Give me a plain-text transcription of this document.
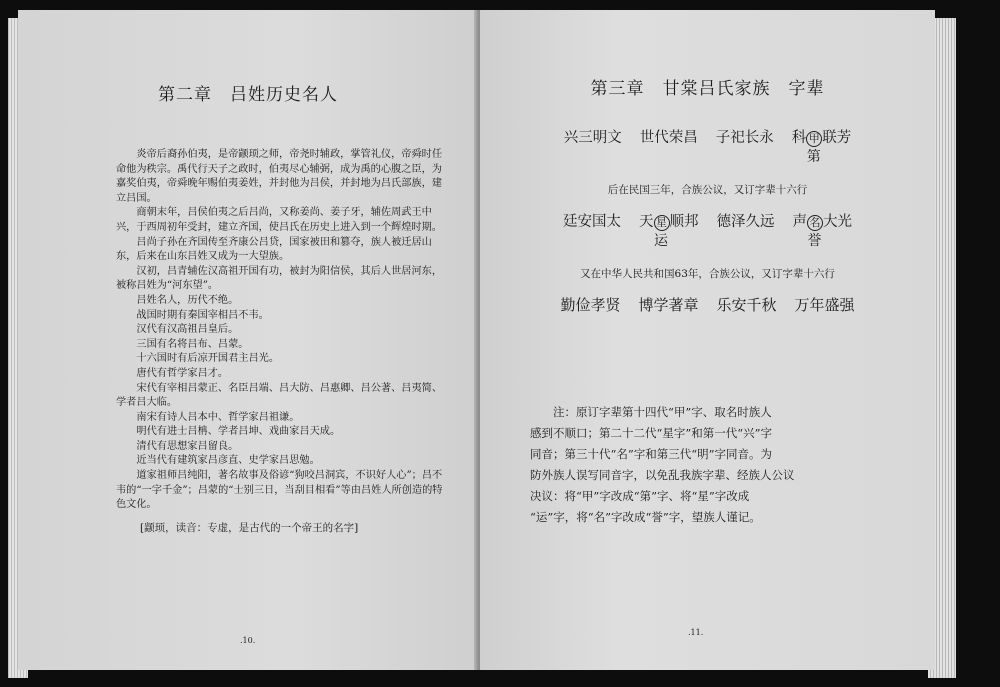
第二章　吕姓历史名人

炎帝后裔孙伯夷，是帝颛顼之师，帝尧时辅政，掌管礼仪，帝舜时任命他为秩宗。禹代行天子之政时，伯夷尽心辅弼，成为禹的心腹之臣，为嘉奖伯夷，帝舜晚年赐伯夷姜姓，并封他为吕侯，并封地为吕氏部族，建立吕国。

商朝末年，吕侯伯夷之后吕尚，又称姜尚、姜子牙，辅佐周武王中兴，于西周初年受封，建立齐国，使吕氏在历史上进入到一个辉煌时期。

吕尚子孙在齐国传至齐康公吕贷，国家被田和篡夺，族人被迁居山东，后来在山东吕姓又成为一大望族。

汉初，吕青辅佐汉高祖开国有功，被封为阳信侯，其后人世居河东，被称吕姓为“河东望”。

吕姓名人，历代不绝。

战国时期有秦国宰相吕不韦。

汉代有汉高祖吕皇后。

三国有名将吕布、吕蒙。

十六国时有后凉开国君主吕光。

唐代有哲学家吕才。

宋代有宰相吕蒙正、名臣吕端、吕大防、吕惠卿、吕公著、吕夷简、学者吕大临。

南宋有诗人吕本中、哲学家吕祖谦。

明代有进士吕柟、学者吕坤、戏曲家吕天成。

清代有思想家吕留良。

近当代有建筑家吕彦直、史学家吕思勉。

道家祖师吕纯阳，著名故事及俗谚“狗咬吕洞宾，不识好人心”；吕不韦的“一字千金”；吕蒙的“士别三日，当刮目相看”等由吕姓人所创造的特色文化。

[颛顼，读音：专虚，是古代的一个帝王的名字]
.10.
第三章　甘棠吕氏家族　字辈
兴三明文 世代荣昌 子祀长永 科 甲 联芳
第
后在民国三年，合族公议，又订字辈十六行
廷安国太 天 星 顺邦
运
德泽久远 声 名 大光
誉
又在中华人民共和国63年，合族公议，又订字辈十六行
勤俭孝贤 博学著章 乐安千秋 万年盛强

注：原订字辈第十四代“甲”字、取名时族人

感到不顺口；第二十二代“星字”和第一代“兴”字

同音；第三十代“名”字和第三代“明”字同音。为

防外族人误写同音字，以免乱我族字辈、经族人公议

决议：将“甲”字改成“第”字、将“星”字改成

“运”字，将“名”字改成“誉”字，望族人谨记。

.11.
